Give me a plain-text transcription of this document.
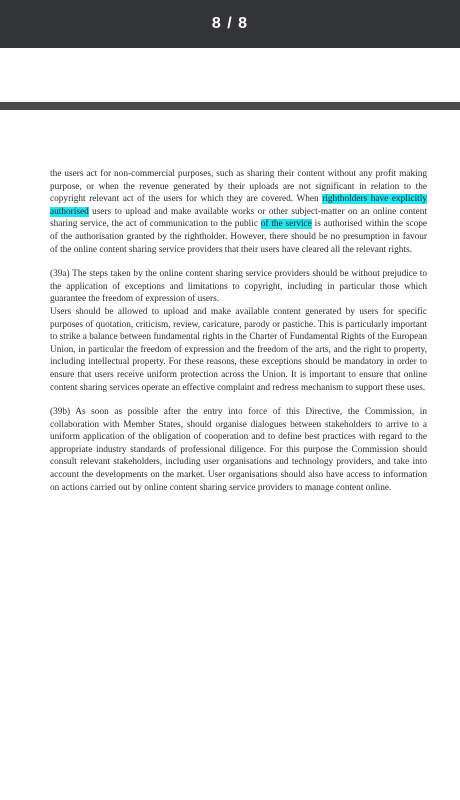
8 / 8

the users act for non-commercial purposes, such as sharing their content without any profit making purpose, or when the revenue generated by their uploads are not significant in relation to the copyright relevant act of the users for which they are covered. When rightholders have explicitly authorised users to upload and make available works or other subject-matter on an online content sharing service, the act of communication to the public of the service is authorised within the scope of the authorisation granted by the rightholder. However, there should be no presumption in favour of the online content sharing service providers that their users have cleared all the relevant rights.

(39a) The steps taken by the online content sharing service providers should be without prejudice to the application of exceptions and limitations to copyright, including in particular those which guarantee the freedom of expression of users.
Users should be allowed to upload and make available content generated by users for specific purposes of quotation, criticism, review, caricature, parody or pastiche. This is particularly important to strike a balance between fundamental rights in the Charter of Fundamental Rights of the European Union, in particular the freedom of expression and the freedom of the arts, and the right to property, including intellectual property. For these reasons, these exceptions should be mandatory in order to ensure that users receive uniform protection across the Union. It is important to ensure that online content sharing services operate an effective complaint and redress mechanism to support these uses.

(39b) As soon as possible after the entry into force of this Directive, the Commission, in collaboration with Member States, should organise dialogues between stakeholders to arrive to a uniform application of the obligation of cooperation and to define best practices with regard to the appropriate industry standards of professional diligence. For this purpose the Commission should consult relevant stakeholders, including user organisations and technology providers, and take into account the developments on the market. User organisations should also have access to information on actions carried out by online content sharing service providers to manage content online.
